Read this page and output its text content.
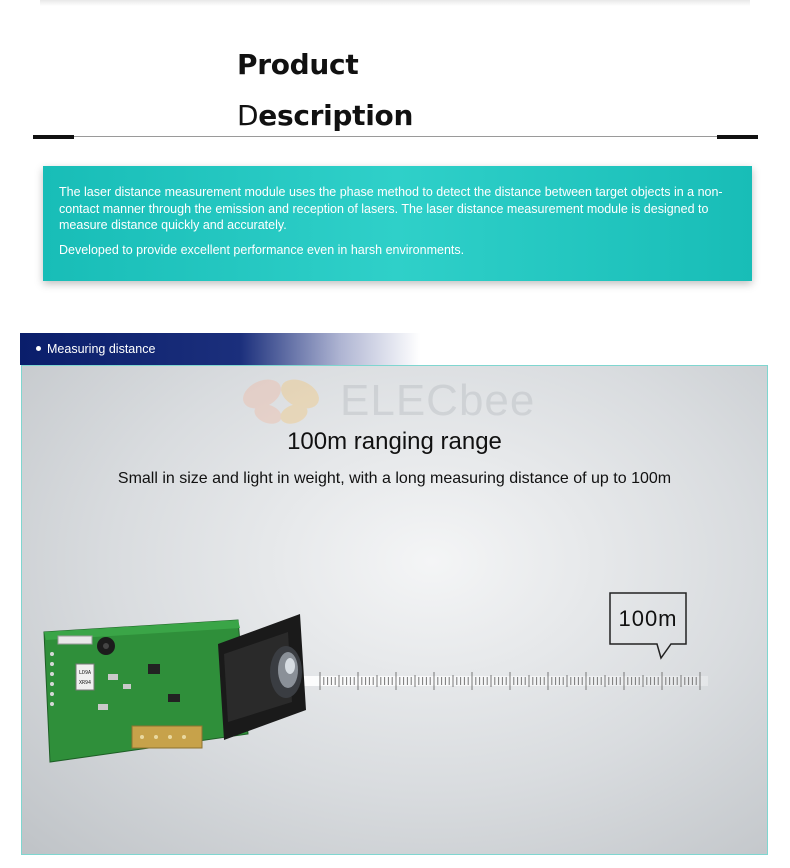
Product
Description

The laser distance measurement module uses the phase method to detect the distance between target objects in a non-contact manner through the emission and reception of lasers. The laser distance measurement module is designed to measure distance quickly and accurately.

Developed to provide excellent performance even in harsh environments.

Measuring distance
ELECbee
100m ranging range
Small in size and light in weight, with a long measuring distance of up to 100m
100m
LD9A
XR94
